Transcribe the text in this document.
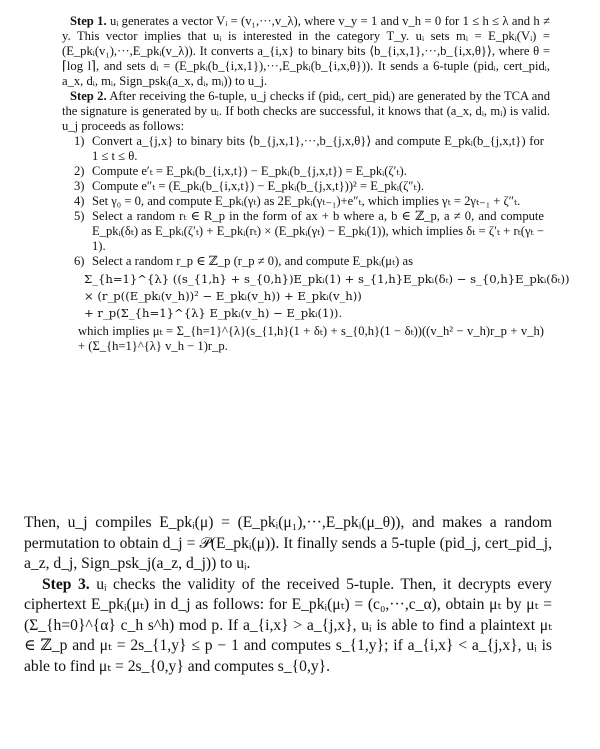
Step 1. uᵢ generates a vector Vᵢ = (v₁,···,v_λ), where v_y = 1 and v_h = 0 for 1 ≤ h ≤ λ and h ≠ y. This vector implies that uᵢ is interested in the category T_y. uᵢ sets mᵢ = E_pkᵢ(Vᵢ) = (E_pkᵢ(v₁),···,E_pkᵢ(v_λ)). It converts a_{i,x} to binary bits ⟨b_{i,x,1},···,b_{i,x,θ}⟩, where θ = ⌈log l⌉, and sets dᵢ = (E_pkᵢ(b_{i,x,1}),···,E_pkᵢ(b_{i,x,θ})). It sends a 6-tuple (pidᵢ, cert_pidᵢ, a_x, dᵢ, mᵢ, Sign_pskᵢ(a_x, dᵢ, mᵢ)) to u_j.

Step 2. After receiving the 6-tuple, u_j checks if (pidᵢ, cert_pidᵢ) are generated by the TCA and the signature is generated by uᵢ. If both checks are successful, it knows that (a_x, dᵢ, mᵢ) is valid. u_j proceeds as follows:

1) Convert a_{j,x} to binary bits ⟨b_{j,x,1},···,b_{j,x,θ}⟩ and compute E_pkᵢ(b_{j,x,t}) for 1 ≤ t ≤ θ.
2) Compute e′ₜ = E_pkᵢ(b_{i,x,t}) − E_pkᵢ(b_{j,x,t}) = E_pkᵢ(ζ′ₜ).
3) Compute e″ₜ = (E_pkᵢ(b_{i,x,t}) − E_pkᵢ(b_{j,x,t}))² = E_pkᵢ(ζ″ₜ).
4) Set γ₀ = 0, and compute E_pkᵢ(γₜ) as 2E_pkᵢ(γₜ₋₁)+e″ₜ, which implies γₜ = 2γₜ₋₁ + ζ″ₜ.
5) Select a random rₜ ∈ R_p in the form of ax + b where a, b ∈ ℤ_p, a ≠ 0, and compute E_pkᵢ(δₜ) as E_pkᵢ(ζ′ₜ) + E_pkᵢ(rₜ) × (E_pkᵢ(γₜ) − E_pkᵢ(1)), which implies δₜ = ζ′ₜ + rₜ(γₜ − 1).
6) Select a random r_p ∈ ℤ_p (r_p ≠ 0), and compute E_pkᵢ(μₜ) as
Σ_{h=1}^{λ} ((s_{1,h} + s_{0,h})E_pkᵢ(1) + s_{1,h}E_pkᵢ(δₜ) − s_{0,h}E_pkᵢ(δₜ))
× (r_p((E_pkᵢ(v_h))² − E_pkᵢ(v_h)) + E_pkᵢ(v_h))
+ r_p(Σ_{h=1}^{λ} E_pkᵢ(v_h) − E_pkᵢ(1)).
which implies μₜ = Σ_{h=1}^{λ}(s_{1,h}(1 + δₜ) + s_{0,h}(1 − δₜ))((v_h² − v_h)r_p + v_h) + (Σ_{h=1}^{λ} v_h − 1)r_p.

Then, u_j compiles E_pkᵢ(μ) = (E_pkᵢ(μ₁),···,E_pkᵢ(μ_θ)), and makes a random permutation to obtain d_j = 𝒫(E_pkᵢ(μ)). It finally sends a 5-tuple (pid_j, cert_pid_j, a_z, d_j, Sign_psk_j(a_z, d_j)) to uᵢ.

Step 3. uᵢ checks the validity of the received 5-tuple. Then, it decrypts every ciphertext E_pkᵢ(μₜ) in d_j as follows: for E_pkᵢ(μₜ) = (c₀,···,c_α), obtain μₜ by μₜ = (Σ_{h=0}^{α} c_h s^h) mod p. If a_{i,x} > a_{j,x}, uᵢ is able to find a plaintext μₜ ∈ ℤ_p and μₜ = 2s_{1,y} ≤ p − 1 and computes s_{1,y}; if a_{i,x} < a_{j,x}, uᵢ is able to find μₜ = 2s_{0,y} and computes s_{0,y}.
